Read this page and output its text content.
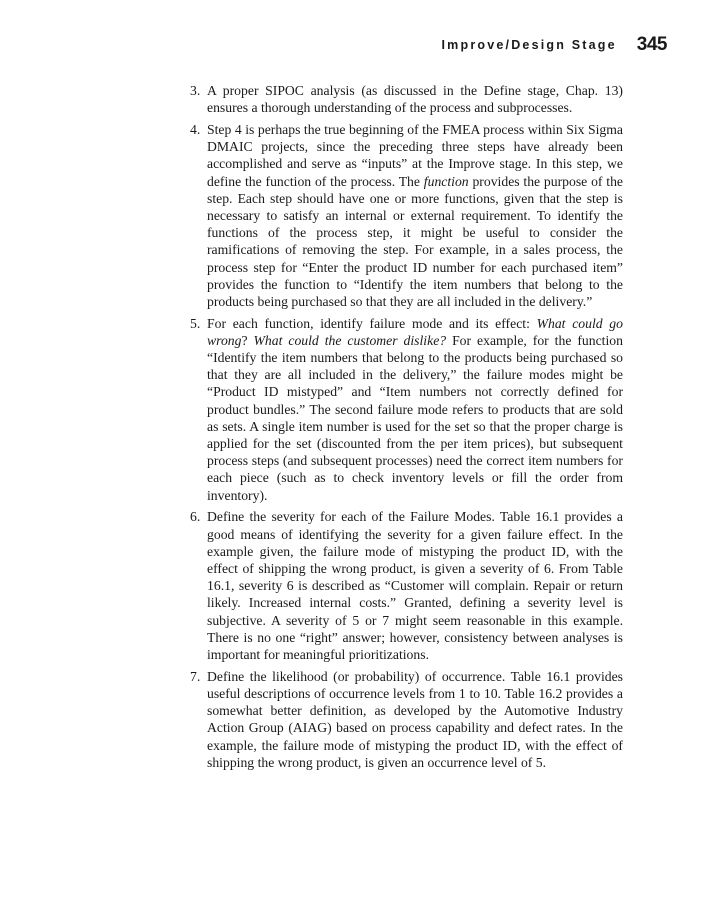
Improve/Design Stage 345
3. A proper SIPOC analysis (as discussed in the Define stage, Chap. 13) ensures a thorough understanding of the process and subprocesses.
4. Step 4 is perhaps the true beginning of the FMEA process within Six Sigma DMAIC projects, since the preceding three steps have already been accomplished and serve as “inputs” at the Improve stage. In this step, we define the function of the process. The function provides the purpose of the step. Each step should have one or more functions, given that the step is necessary to satisfy an internal or external requirement. To identify the functions of the process step, it might be useful to consider the ramifications of removing the step. For example, in a sales process, the process step for “Enter the product ID number for each purchased item” provides the function to “Identify the item numbers that belong to the products being purchased so that they are all included in the delivery.”
5. For each function, identify failure mode and its effect: What could go wrong? What could the customer dislike? For example, for the function “Identify the item numbers that belong to the products being purchased so that they are all included in the delivery,” the failure modes might be “Product ID mistyped” and “Item numbers not correctly defined for product bundles.” The second failure mode refers to products that are sold as sets. A single item number is used for the set so that the proper charge is applied for the set (discounted from the per item prices), but subsequent process steps (and subsequent processes) need the correct item numbers for each piece (such as to check inventory levels or fill the order from inventory).
6. Define the severity for each of the Failure Modes. Table 16.1 provides a good means of identifying the severity for a given failure effect. In the example given, the failure mode of mistyping the product ID, with the effect of shipping the wrong product, is given a severity of 6. From Table 16.1, severity 6 is described as “Customer will complain. Repair or return likely. Increased internal costs.” Granted, defining a severity level is subjective. A severity of 5 or 7 might seem reasonable in this example. There is no one “right” answer; however, consistency between analyses is important for meaningful prioritizations.
7. Define the likelihood (or probability) of occurrence. Table 16.1 provides useful descriptions of occurrence levels from 1 to 10. Table 16.2 provides a somewhat better definition, as developed by the Automotive Industry Action Group (AIAG) based on process capability and defect rates. In the example, the failure mode of mistyping the product ID, with the effect of shipping the wrong product, is given an occurrence level of 5.
